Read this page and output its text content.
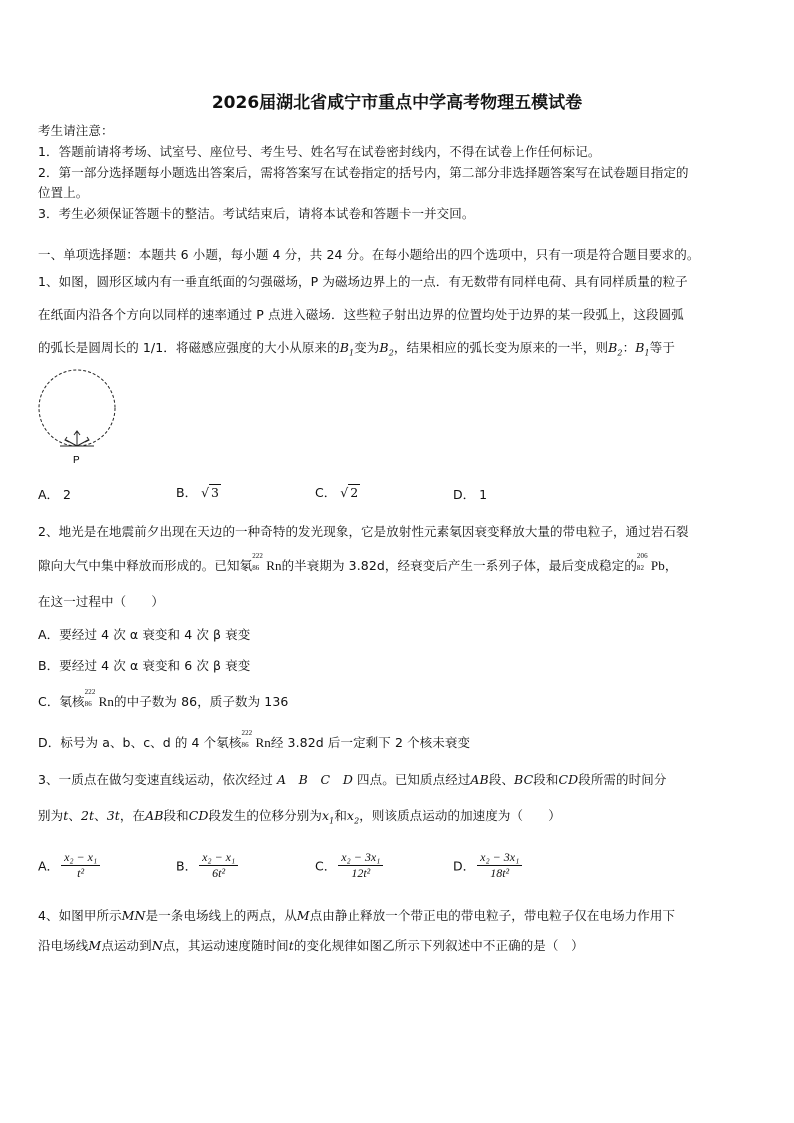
2026届湖北省咸宁市重点中学高考物理五模试卷
考生请注意：
1．答题前请将考场、试室号、座位号、考生号、姓名写在试卷密封线内，不得在试卷上作任何标记。
2．第一部分选择题每小题选出答案后，需将答案写在试卷指定的括号内，第二部分非选择题答案写在试卷题目指定的
位置上。
3．考生必须保证答题卡的整洁。考试结束后，请将本试卷和答题卡一并交回。
一、单项选择题：本题共 6 小题，每小题 4 分，共 24 分。在每小题给出的四个选项中，只有一项是符合题目要求的。
1、如图，圆形区域内有一垂直纸面的匀强磁场，P 为磁场边界上的一点．有无数带有同样电荷、具有同样质量的粒子
在纸面内沿各个方向以同样的速率通过 P 点进入磁场．这些粒子射出边界的位置均处于边界的某一段弧上，这段圆弧
的弧长是圆周长的 1/1．将磁感应强度的大小从原来的$B_1$变为$B_2$，结果相应的弧长变为原来的一半，则$B_2$：$B_1$等于
P
A． 2	B． √ 3	C． √ 2	D． 1
2、地光是在地震前夕出现在天边的一种奇特的发光现象，它是放射性元素氡因衰变释放大量的带电粒子，通过岩石裂
隙向大气中集中释放而形成的。已知氡
222
86 Rn的半衰期为 3.82d，经衰变后产生一系列子体，最后变成稳定的
206
82 Pb，
在这一过程中（　　）
A．要经过 4 次 α 衰变和 4 次 β 衰变
B．要经过 4 次 α 衰变和 6 次 β 衰变
C．氡核
222
86 Rn的中子数为 86，质子数为 136
D．标号为 a、b、c、d 的 4 个氡核
222
86 Rn经 3.82d 后一定剩下 2 个核未衰变
3、一质点在做匀变速直线运动，依次经过 A　B　C　D 四点。已知质点经过AB段、BC段和CD段所需的时间分
别为t、2t、3t，在AB段和CD段发生的位移分别为$x_1$和$x_2$，则该质点运动的加速度为（　　）
A． $\frac{\text{x₂ − x₁}}{\text{t²}}$	B． $\frac{\text{x₂ − x₁}}{\text{6t²}}$	C． $\frac{\text{x₂ − 3x₁}}{\text{12t²}}$	D． $\frac{\text{x₂ − 3x₁}}{\text{18t²}}$
4、如图甲所示MN是一条电场线上的两点，从M点由静止释放一个带正电的带电粒子，带电粒子仅在电场力作用下
沿电场线M点运动到N点，其运动速度随时间t的变化规律如图乙所示下列叙述中不正确的是（　）
